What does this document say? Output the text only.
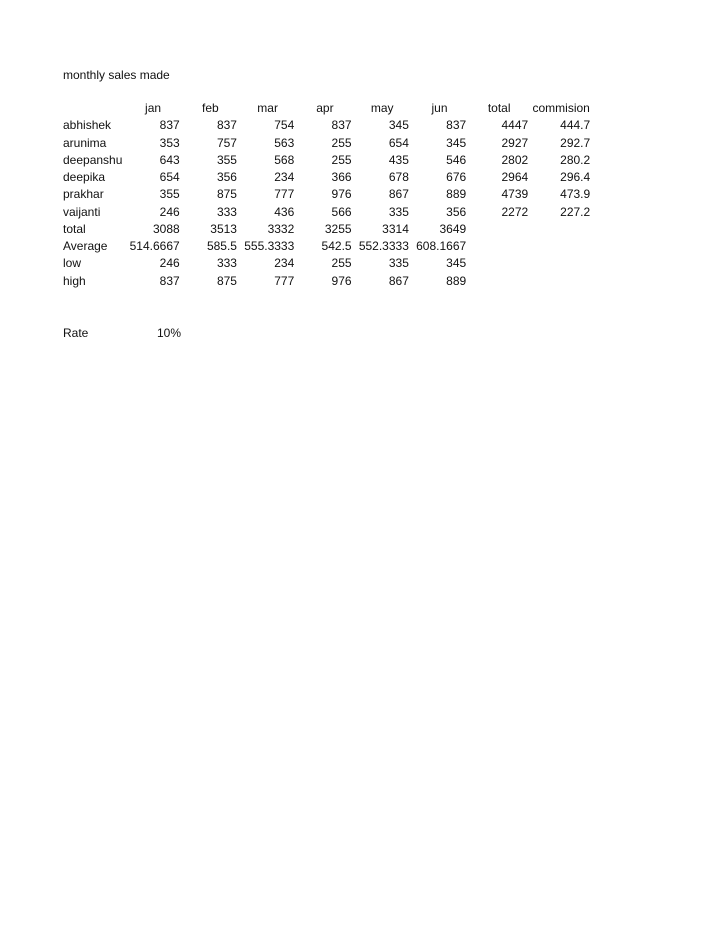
monthly sales made
	jan	feb	mar	apr	may	jun	total	commision
abhishek	837	837	754	837	345	837	4447	444.7
arunima	353	757	563	255	654	345	2927	292.7
deepanshu	643	355	568	255	435	546	2802	280.2
deepika	654	356	234	366	678	676	2964	296.4
prakhar	355	875	777	976	867	889	4739	473.9
vaijanti	246	333	436	566	335	356	2272	227.2
total	3088	3513	3332	3255	3314	3649		
Average	514.6667	585.5	555.3333	542.5	552.3333	608.1667		
low	246	333	234	255	335	345		
high	837	875	777	976	867	889		
Rate	10%
